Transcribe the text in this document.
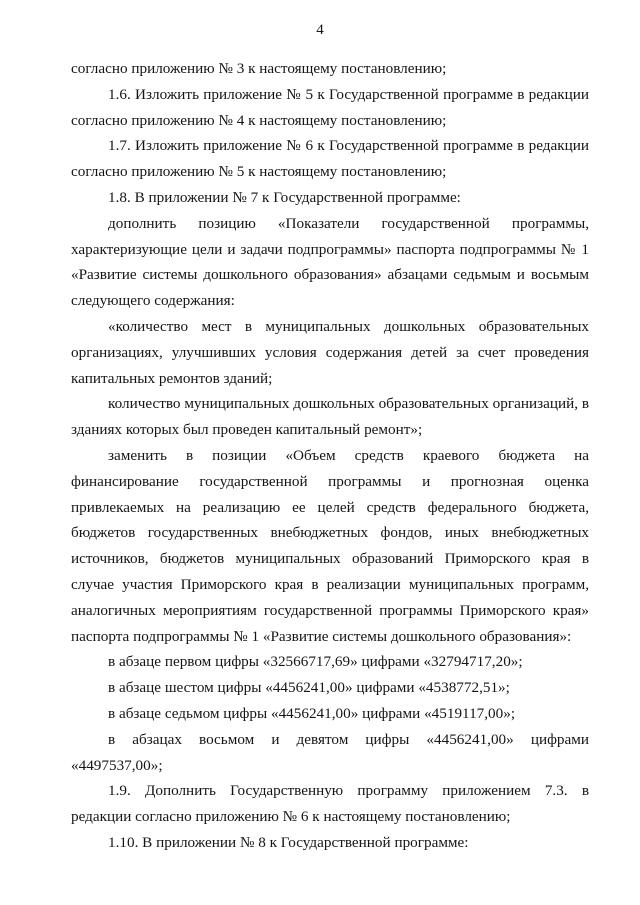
4

согласно приложению № 3 к настоящему постановлению;

1.6. Изложить приложение № 5 к Государственной программе в редакции согласно приложению № 4 к настоящему постановлению;

1.7. Изложить приложение № 6 к Государственной программе в редакции согласно приложению № 5 к настоящему постановлению;

1.8. В приложении № 7 к Государственной программе:

дополнить позицию «Показатели государственной программы, характеризующие цели и задачи подпрограммы» паспорта подпрограммы № 1 «Развитие системы дошкольного образования» абзацами седьмым и восьмым следующего содержания:

«количество мест в муниципальных дошкольных образовательных организациях, улучшивших условия содержания детей за счет проведения капитальных ремонтов зданий;

количество муниципальных дошкольных образовательных организаций, в зданиях которых был проведен капитальный ремонт»;

заменить в позиции «Объем средств краевого бюджета на финансирование государственной программы и прогнозная оценка привлекаемых на реализацию ее целей средств федерального бюджета, бюджетов государственных внебюджетных фондов, иных внебюджетных источников, бюджетов муниципальных образований Приморского края в случае участия Приморского края в реализации муниципальных программ, аналогичных мероприятиям государственной программы Приморского края» паспорта подпрограммы № 1 «Развитие системы дошкольного образования»:

в абзаце первом цифры «32566717,69» цифрами «32794717,20»;

в абзаце шестом цифры «4456241,00» цифрами «4538772,51»;

в абзаце седьмом цифры «4456241,00» цифрами «4519117,00»;

в абзацах восьмом и девятом цифры «4456241,00» цифрами «4497537,00»;

1.9. Дополнить Государственную программу приложением 7.3. в редакции согласно приложению № 6 к настоящему постановлению;

1.10. В приложении № 8 к Государственной программе:
